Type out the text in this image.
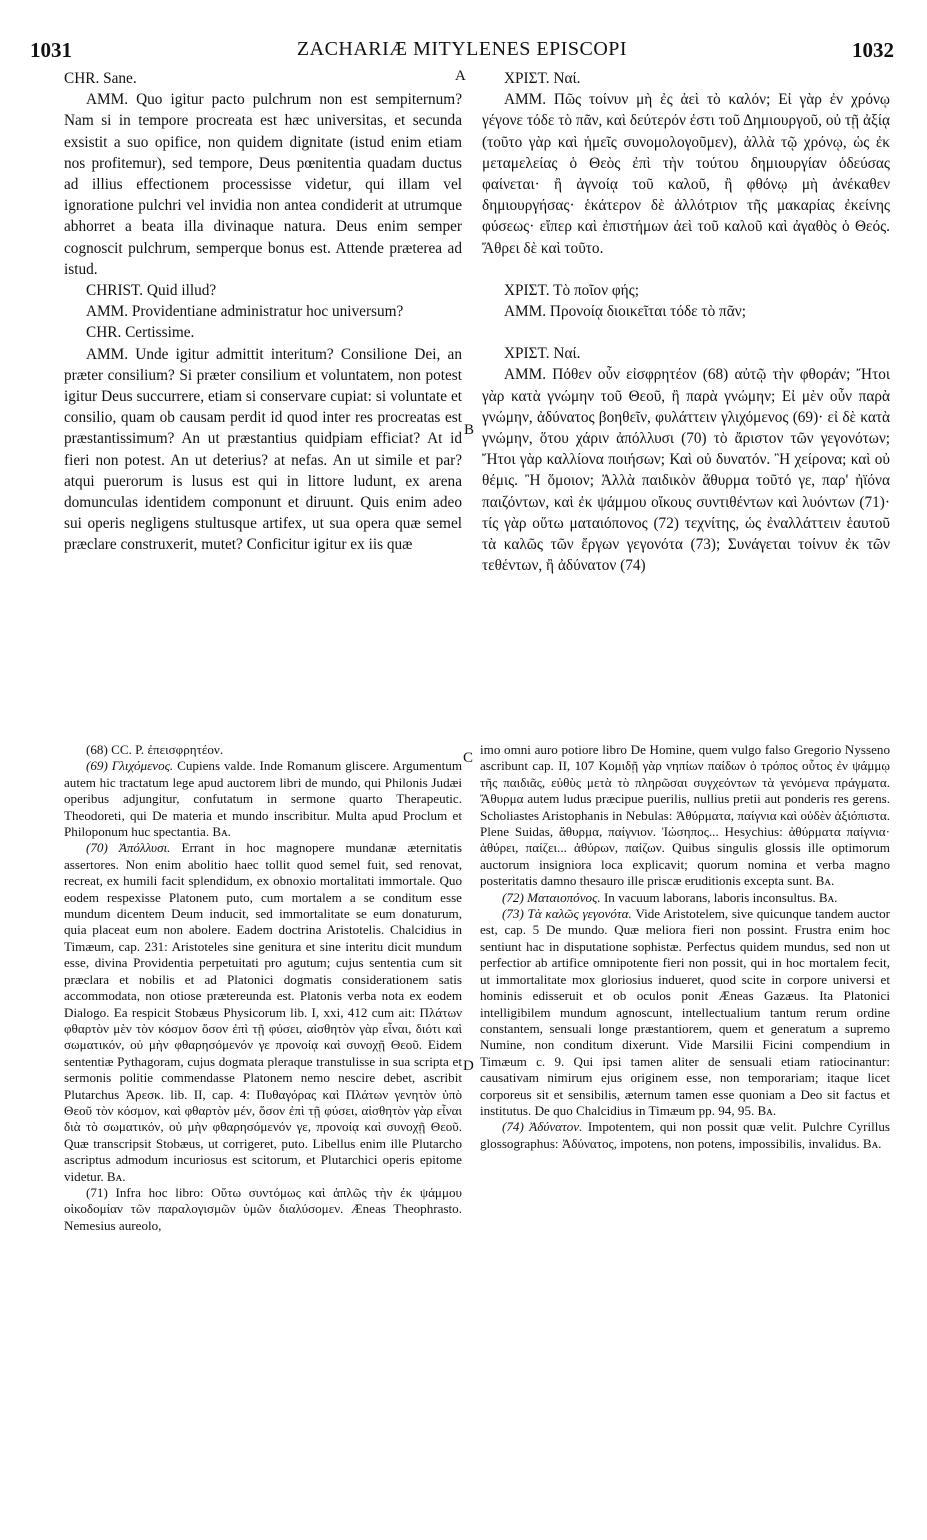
1031	ZACHARIÆ MITYLENES EPISCOPI	1032
A
B
C
D

CHR. Sane.

AMM. Quo igitur pacto pulchrum non est sempiternum? Nam si in tempore procreata est hæc universitas, et secunda exsistit a suo opifice, non quidem dignitate (istud enim etiam nos profitemur), sed tempore, Deus pœnitentia quadam ductus ad illius effectionem processisse videtur, qui illam vel ignoratione pulchri vel invidia non antea condiderit at utrumque abhorret a beata illa divinaque natura. Deus enim semper cognoscit pulchrum, semperque bonus est. Attende præterea ad istud.

CHRIST. Quid illud?

AMM. Providentiane administratur hoc universum?

CHR. Certissime.

AMM. Unde igitur admittit interitum? Consilione Dei, an præter consilium? Si præter consilium et voluntatem, non potest igitur Deus succurrere, etiam si conservare cupiat: si voluntate et consilio, quam ob causam perdit id quod inter res procreatas est præstantissimum? An ut præstantius quidpiam efficiat? At id fieri non potest. An ut deterius? at nefas. An ut simile et par? atqui puerorum is lusus est qui in littore ludunt, ex arena domunculas identidem componunt et diruunt. Quis enim adeo sui operis negligens stultusque artifex, ut sua opera quæ semel præclare construxerit, mutet? Conficitur igitur ex iis quæ

ΧΡΙΣΤ. Ναί.

ΑΜΜ. Πῶς τοίνυν μὴ ἐς ἀεὶ τὸ καλόν; Εἰ γὰρ ἐν χρόνῳ γέγονε τόδε τὸ πᾶν, καὶ δεύτερόν ἐστι τοῦ Δημιουργοῦ, οὐ τῇ ἀξίᾳ (τοῦτο γὰρ καὶ ἡμεῖς συνομολογοῦμεν), ἀλλὰ τῷ χρόνῳ, ὡς ἐκ μεταμελείας ὁ Θεὸς ἐπὶ τὴν τούτου δημιουργίαν ὁδεύσας φαίνεται· ἢ ἀγνοίᾳ τοῦ καλοῦ, ἢ φθόνῳ μὴ ἀνέκαθεν δημιουργήσας· ἑκάτερον δὲ ἀλλότριον τῆς μακαρίας ἐκείνης φύσεως· εἴπερ καὶ ἐπιστήμων ἀεὶ τοῦ καλοῦ καὶ ἀγαθὸς ὁ Θεός. Ἄθρει δὲ καὶ τοῦτο.

ΧΡΙΣΤ. Τὸ ποῖον φής;

ΑΜΜ. Προνοίᾳ διοικεῖται τόδε τὸ πᾶν;

ΧΡΙΣΤ. Ναί.

ΑΜΜ. Πόθεν οὖν εἰσφρητέον (68) αὐτῷ τὴν φθοράν; Ἤτοι γὰρ κατὰ γνώμην τοῦ Θεοῦ, ἢ παρὰ γνώμην; Εἰ μὲν οὖν παρὰ γνώμην, ἀδύνατος βοηθεῖν, φυλάττειν γλιχόμενος (69)· εἰ δὲ κατὰ γνώμην, ὅτου χάριν ἀπόλλυσι (70) τὸ ἄριστον τῶν γεγονότων; Ἤτοι γὰρ καλλίονα ποιήσων; Καὶ οὐ δυνατόν. Ἢ χείρονα; καὶ οὐ θέμις. Ἢ ὅμοιον; Ἀλλὰ παιδικὸν ἄθυρμα τοῦτό γε, παρ' ἠϊόνα παιζόντων, καὶ ἐκ ψάμμου οἴκους συντιθέντων καὶ λυόντων (71)· τίς γὰρ οὕτω ματαιόπονος (72) τεχνίτης, ὡς ἐναλλάττειν ἑαυτοῦ τὰ καλῶς τῶν ἔργων γεγονότα (73); Συνάγεται τοίνυν ἐκ τῶν τεθέντων, ἢ ἀδύνατον (74)

(68) CC. P. ἐπεισφρητέον.

(69) Γλιχόμενος. Cupiens valde. Inde Romanum gliscere. Argumentum autem hic tractatum lege apud auctorem libri de mundo, qui Philonis Judæi operibus adjungitur, confutatum in sermone quarto Therapeutic. Theodoreti, qui De materia et mundo inscribitur. Multa apud Proclum et Philoponum huc spectantia. Bᴀ.

(70) Ἀπόλλυσι. Errant in hoc magnopere mundanæ æternitatis assertores. Non enim abolitio haec tollit quod semel fuit, sed renovat, recreat, ex humili facit splendidum, ex obnoxio mortalitati immortale. Quo eodem respexisse Platonem puto, cum mortalem a se conditum esse mundum dicentem Deum inducit, sed immortalitate se eum donaturum, quia placeat eum non abolere. Eadem doctrina Aristotelis. Chalcidius in Timæum, cap. 231: Aristoteles sine genitura et sine interitu dicit mundum esse, divina Providentia perpetuitati pro agutum; cujus sententia cum sit præclara et nobilis et ad Platonici dogmatis considerationem satis accommodata, non otiose prætereunda est. Platonis verba nota ex eodem Dialogo. Ea respicit Stobæus Physicorum lib. I, xxi, 412 cum ait: Πλάτων φθαρτὸν μὲν τὸν κόσμον ὅσον ἐπὶ τῇ φύσει, αἰσθητὸν γὰρ εἶναι, διότι καὶ σωματικόν, οὐ μὴν φθαρησόμενόν γε προνοίᾳ καὶ συνοχῇ Θεοῦ. Eidem sententiæ Pythagoram, cujus dogmata pleraque transtulisse in sua scripta et sermonis politie commendasse Platonem nemo nescire debet, ascribit Plutarchus Ἀρεσκ. lib. II, cap. 4: Πυθαγόρας καὶ Πλάτων γενητὸν ὑπὸ Θεοῦ τὸν κόσμον, καὶ φθαρτὸν μέν, ὅσον ἐπὶ τῇ φύσει, αἰσθητὸν γὰρ εἶναι διὰ τὸ σωματικόν, οὐ μὴν φθαρησόμενόν γε, προνοίᾳ καὶ συνοχῇ Θεοῦ. Quæ transcripsit Stobæus, ut corrigeret, puto. Libellus enim ille Plutarcho ascriptus admodum incuriosus est scitorum, et Plutarchici operis epitome videtur. Bᴀ.

(71) Infra hoc libro: Οὕτω συντόμως καὶ ἁπλῶς τὴν ἐκ ψάμμου οἰκοδομίαν τῶν παραλογισμῶν ὑμῶν διαλύσομεν. Æneas Theophrasto. Nemesius aureolo,

imo omni auro potiore libro De Homine, quem vulgo falso Gregorio Nysseno ascribunt cap. II, 107 Κομιδῇ γὰρ νηπίων παίδων ὁ τρόπος οὗτος ἐν ψάμμῳ τῆς παιδιᾶς, εὐθὺς μετὰ τὸ πληρῶσαι συγχεόντων τὰ γενόμενα πράγματα. Ἄθυρμα autem ludus præcipue puerilis, nullius pretii aut ponderis res gerens. Scholiastes Aristophanis in Nebulas: Ἀθύρματα, παίγνια καὶ οὐδὲν ἀξιόπιστα. Plene Suidas, ἄθυρμα, παίγνιον. Ἰώσηπος... Hesychius: ἀθύρματα παίγνια· ἀθύρει, παίζει... ἀθύρων, παίζων. Quibus singulis glossis ille optimorum auctorum insigniora loca explicavit; quorum nomina et verba magno posteritatis damno thesauro ille priscæ eruditionis excepta sunt. Bᴀ.

(72) Ματαιοπόνος. In vacuum laborans, laboris inconsultus. Bᴀ.

(73) Τὰ καλῶς γεγονότα. Vide Aristotelem, sive quicunque tandem auctor est, cap. 5 De mundo. Quæ meliora fieri non possint. Frustra enim hoc sentiunt hac in disputatione sophistæ. Perfectus quidem mundus, sed non ut perfectior ab artifice omnipotente fieri non possit, qui in hoc mortalem fecit, ut immortalitate mox gloriosius indueret, quod scite in corpore universi et hominis edisseruit et ob oculos ponit Æneas Gazæus. Ita Platonici intelligibilem mundum agnoscunt, intellectualium tantum rerum ordine constantem, sensuali longe præstantiorem, quem et generatum a supremo Numine, non conditum dixerunt. Vide Marsilii Ficini compendium in Timæum c. 9. Qui ipsi tamen aliter de sensuali etiam ratiocinantur: causativam nimirum ejus originem esse, non temporariam; itaque licet corporeus sit et sensibilis, æternum tamen esse quoniam a Deo sit factus et institutus. De quo Chalcidius in Timæum pp. 94, 95. Bᴀ.

(74) Ἀδύνατον. Impotentem, qui non possit quæ velit. Pulchre Cyrillus glossographus: Ἀδύνατος, impotens, non potens, impossibilis, invalidus. Bᴀ.
